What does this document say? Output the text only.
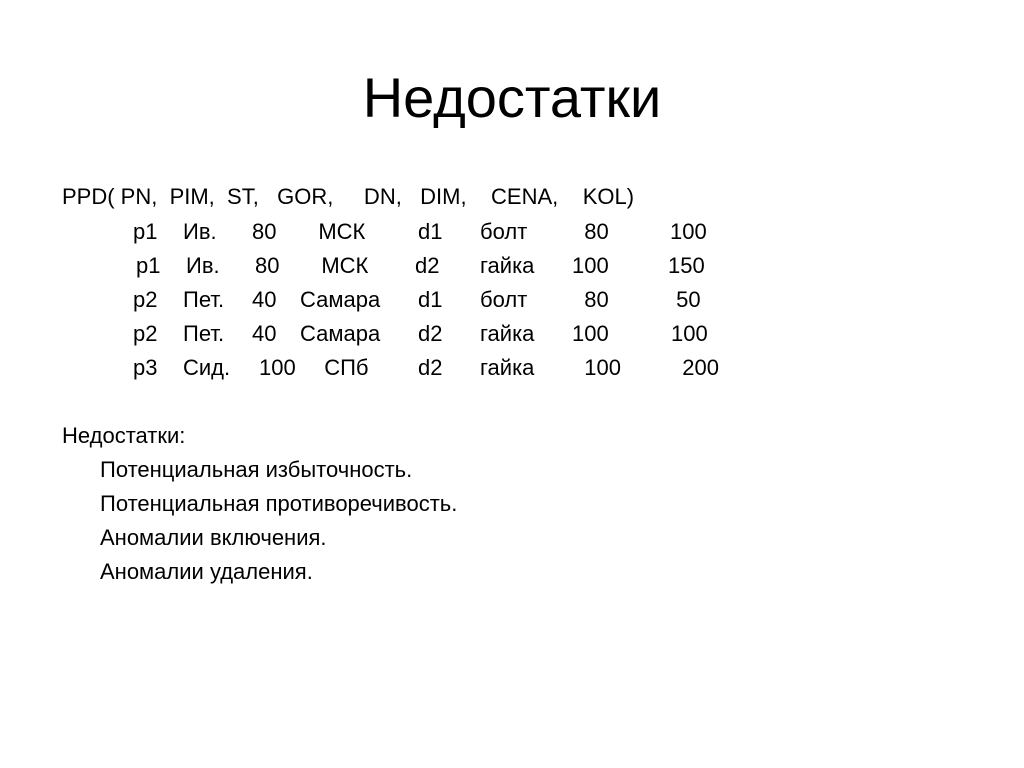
Недостатки
PPD( PN,  PIM,  ST,   GOR,     DN,   DIM,    CENA,    KOL)
p1 Ив. 80 МСК d1 болт 80	100
p1 Ив. 80 МСК d2 гайка 100	150
p2 Пет. 40 Самара d1 болт 80	50
p2 Пет. 40 Самара d2 гайка 100	100
p3 Сид. 100 СПб d2 гайка 100 200
Недостатки:
Потенциальная избыточность.
Потенциальная противоречивость.
Аномалии включения.
Аномалии удаления.
